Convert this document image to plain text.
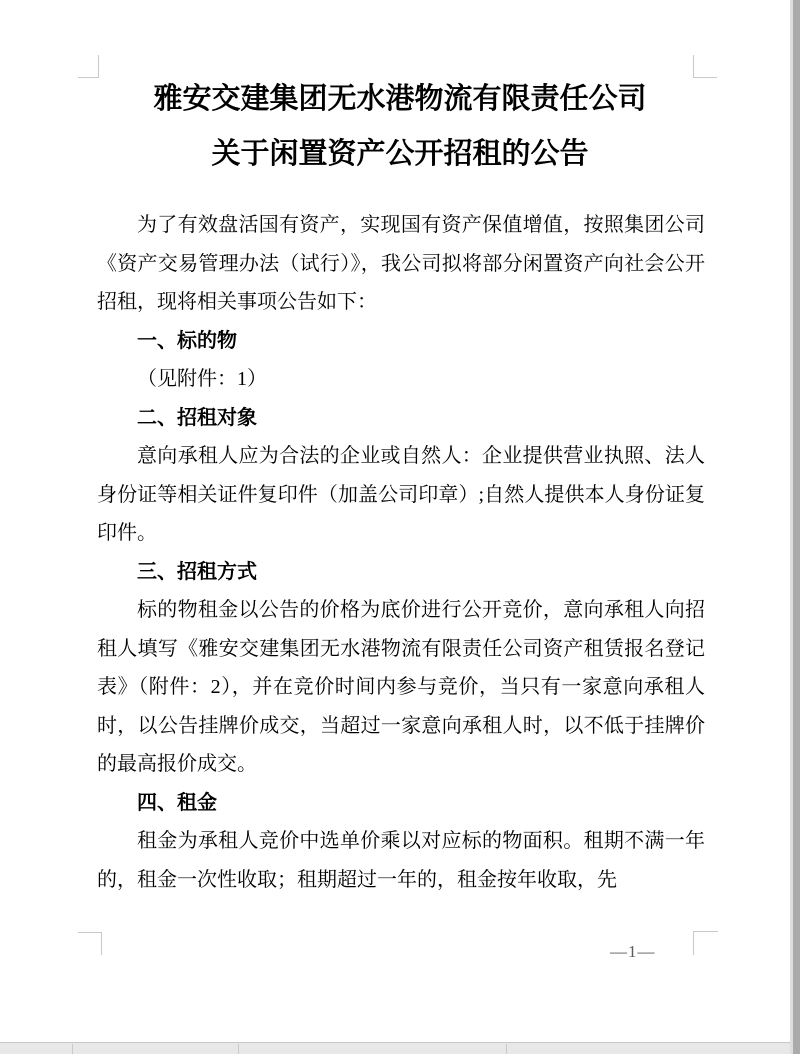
雅安交建集团无水港物流有限责任公司
关于闲置资产公开招租的公告

为了有效盘活国有资产，实现国有资产保值增值，按照集团公司《资产交易管理办法（试行）》，我公司拟将部分闲置资产向社会公开招租，现将相关事项公告如下：

一、标的物

（见附件：1）

二、招租对象

意向承租人应为合法的企业或自然人：企业提供营业执照、法人身份证等相关证件复印件（加盖公司印章）;自然人提供本人身份证复印件。

三、招租方式

标的物租金以公告的价格为底价进行公开竞价，意向承租人向招租人填写《雅安交建集团无水港物流有限责任公司资产租赁报名登记表》（附件：2），并在竞价时间内参与竞价，当只有一家意向承租人时，以公告挂牌价成交，当超过一家意向承租人时，以不低于挂牌价的最高报价成交。

四、租金

租金为承租人竞价中选单价乘以对应标的物面积。租期不满一年的，租金一次性收取；租期超过一年的，租金按年收取，先

—1—
